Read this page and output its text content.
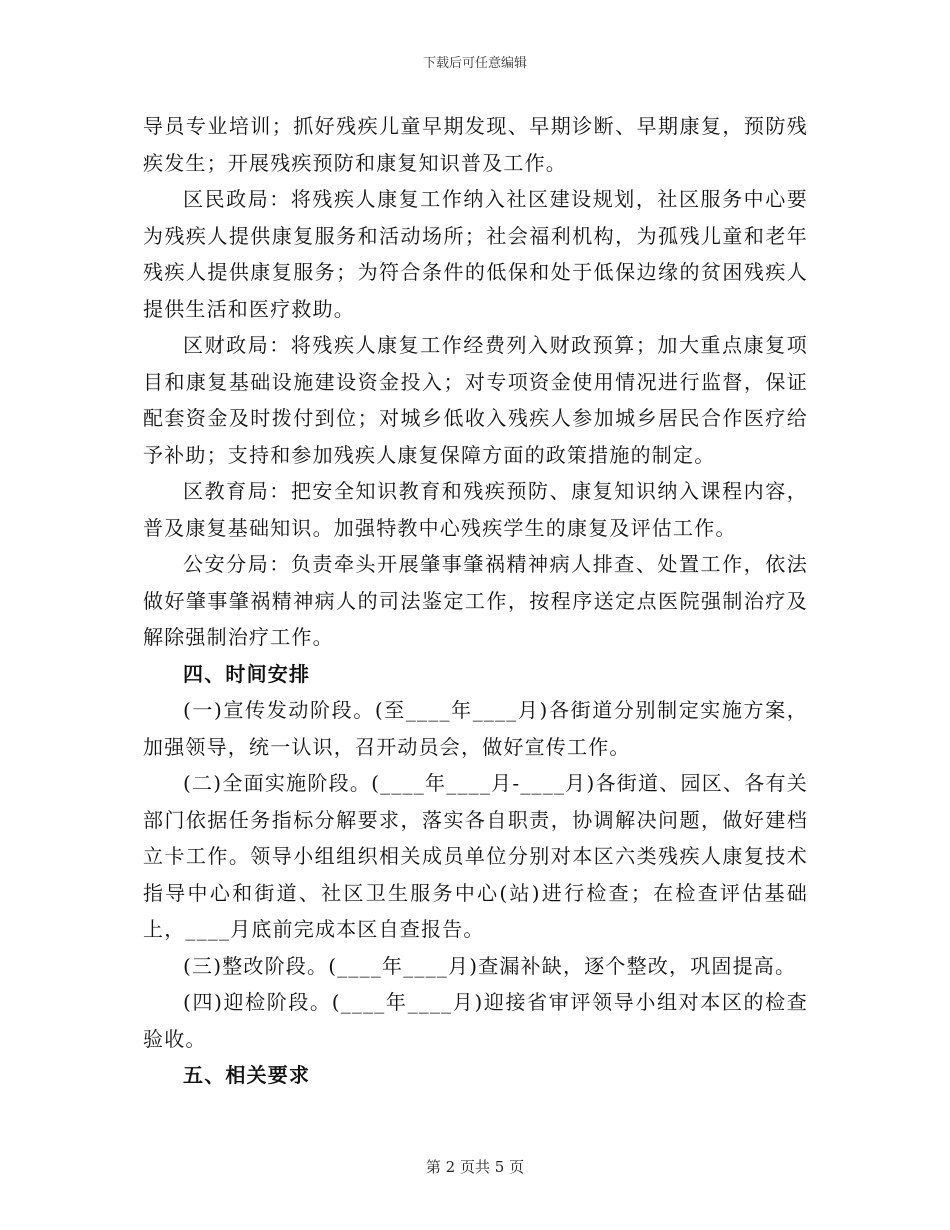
下载后可任意编辑

导员专业培训；抓好残疾儿童早期发现、早期诊断、早期康复，预防残疾发生；开展残疾预防和康复知识普及工作。

区民政局：将残疾人康复工作纳入社区建设规划，社区服务中心要为残疾人提供康复服务和活动场所；社会福利机构，为孤残儿童和老年残疾人提供康复服务；为符合条件的低保和处于低保边缘的贫困残疾人提供生活和医疗救助。

区财政局：将残疾人康复工作经费列入财政预算；加大重点康复项目和康复基础设施建设资金投入；对专项资金使用情况进行监督，保证配套资金及时拨付到位；对城乡低收入残疾人参加城乡居民合作医疗给予补助；支持和参加残疾人康复保障方面的政策措施的制定。

区教育局：把安全知识教育和残疾预防、康复知识纳入课程内容，普及康复基础知识。加强特教中心残疾学生的康复及评估工作。

公安分局：负责牵头开展肇事肇祸精神病人排查、处置工作，依法做好肇事肇祸精神病人的司法鉴定工作，按程序送定点医院强制治疗及解除强制治疗工作。

四、时间安排

(一)宣传发动阶段。(至____年____月)各街道分别制定实施方案，加强领导，统一认识，召开动员会，做好宣传工作。

(二)全面实施阶段。(____年____月-____月)各街道、园区、各有关部门依据任务指标分解要求，落实各自职责，协调解决问题，做好建档立卡工作。领导小组组织相关成员单位分别对本区六类残疾人康复技术指导中心和街道、社区卫生服务中心(站)进行检查；在检查评估基础上，____月底前完成本区自查报告。

(三)整改阶段。(____年____月)查漏补缺，逐个整改，巩固提高。

(四)迎检阶段。(____年____月)迎接省审评领导小组对本区的检查验收。

五、相关要求

第 2 页共 5 页
